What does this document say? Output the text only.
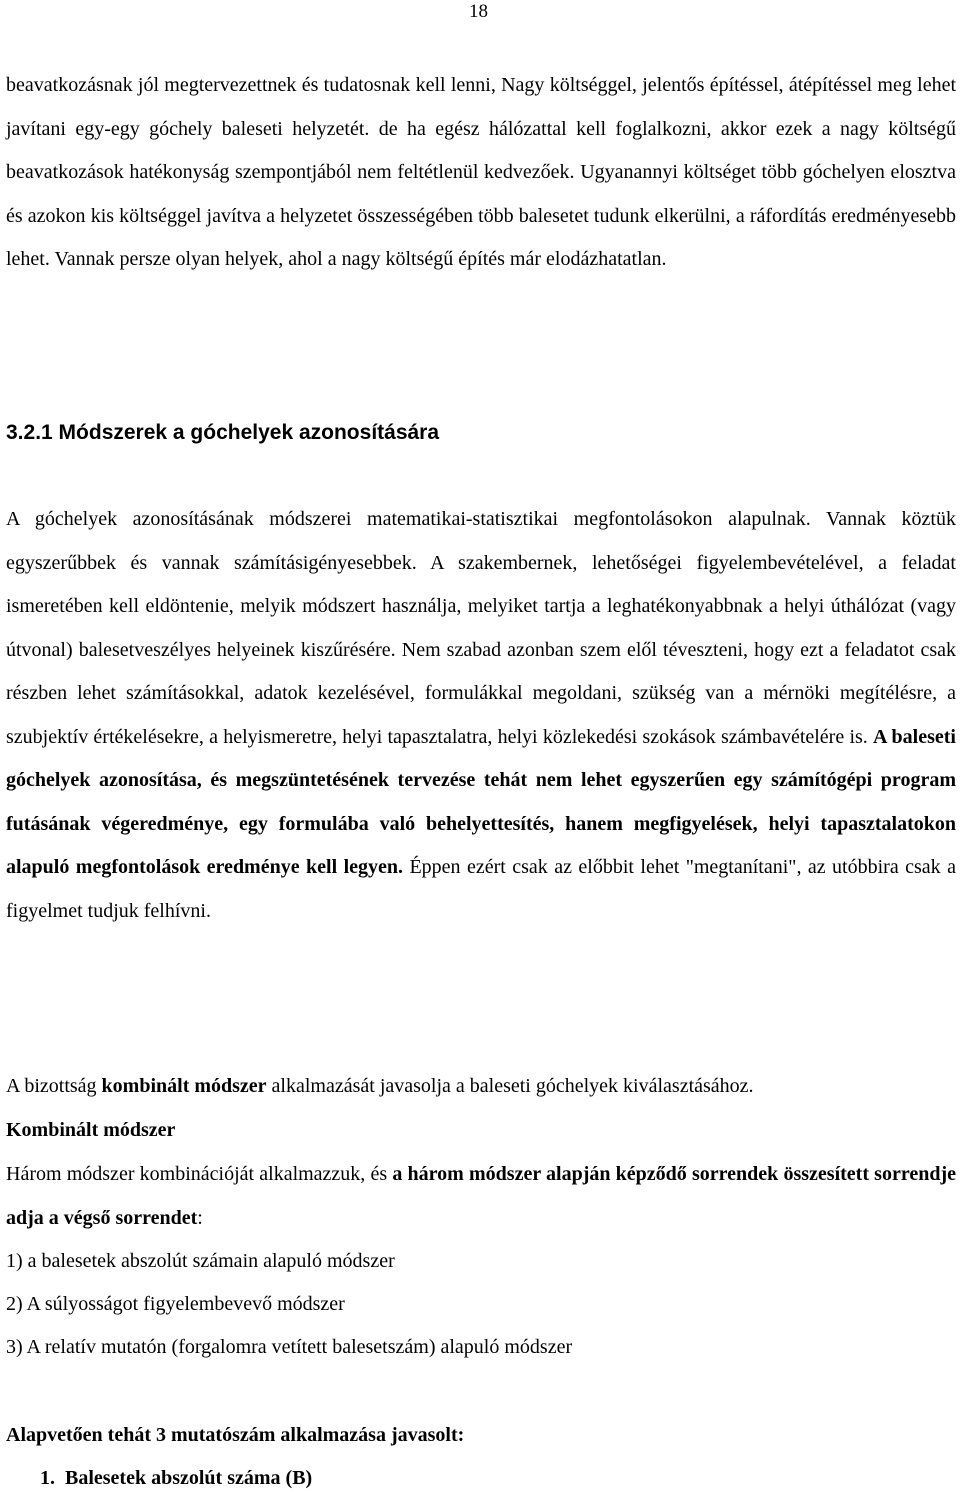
18

beavatkozásnak jól megtervezettnek és tudatosnak kell lenni, Nagy költséggel, jelentős építéssel, átépítéssel meg lehet javítani egy-egy góchely baleseti helyzetét. de ha egész hálózattal kell foglalkozni, akkor ezek a nagy költségű beavatkozások hatékonyság szempontjából nem feltétlenül kedvezőek. Ugyanannyi költséget több góchelyen elosztva és azokon kis költséggel javítva a helyzetet összességében több balesetet tudunk elkerülni, a ráfordítás eredményesebb lehet. Vannak persze olyan helyek, ahol a nagy költségű építés már elodázhatatlan.

3.2.1 Módszerek a góchelyek azonosítására

A góchelyek azonosításának módszerei matematikai-statisztikai megfontolásokon alapulnak. Vannak köztük egyszerűbbek és vannak számításigényesebbek. A szakembernek, lehetőségei figyelembevételével, a feladat ismeretében kell eldöntenie, melyik módszert használja, melyiket tartja a leghatékonyabbnak a helyi úthálózat (vagy útvonal) balesetveszélyes helyeinek kiszűrésére. Nem szabad azonban szem elől téveszteni, hogy ezt a feladatot csak részben lehet számításokkal, adatok kezelésével, formulákkal megoldani, szükség van a mérnöki megítélésre, a szubjektív értékelésekre, a helyismeretre, helyi tapasztalatra, helyi közlekedési szokások számbavételére is. A baleseti góchelyek azonosítása, és megszüntetésének tervezése tehát nem lehet egyszerűen egy számítógépi program futásának végeredménye, egy formulába való behelyettesítés, hanem megfigyelések, helyi tapasztalatokon alapuló megfontolások eredménye kell legyen. Éppen ezért csak az előbbit lehet "megtanítani", az utóbbira csak a figyelmet tudjuk felhívni.

A bizottság kombinált módszer alkalmazását javasolja a baleseti góchelyek kiválasztásához.

Kombinált módszer

Három módszer kombinációját alkalmazzuk, és a három módszer alapján képződő sorrendek összesített sorrendje adja a végső sorrendet:

1) a balesetek abszolút számain alapuló módszer

2) A súlyosságot figyelembevevő módszer

3) A relatív mutatón (forgalomra vetített balesetszám) alapuló módszer

Alapvetően tehát 3 mutatószám alkalmazása javasolt:

1. Balesetek abszolút száma (B)
